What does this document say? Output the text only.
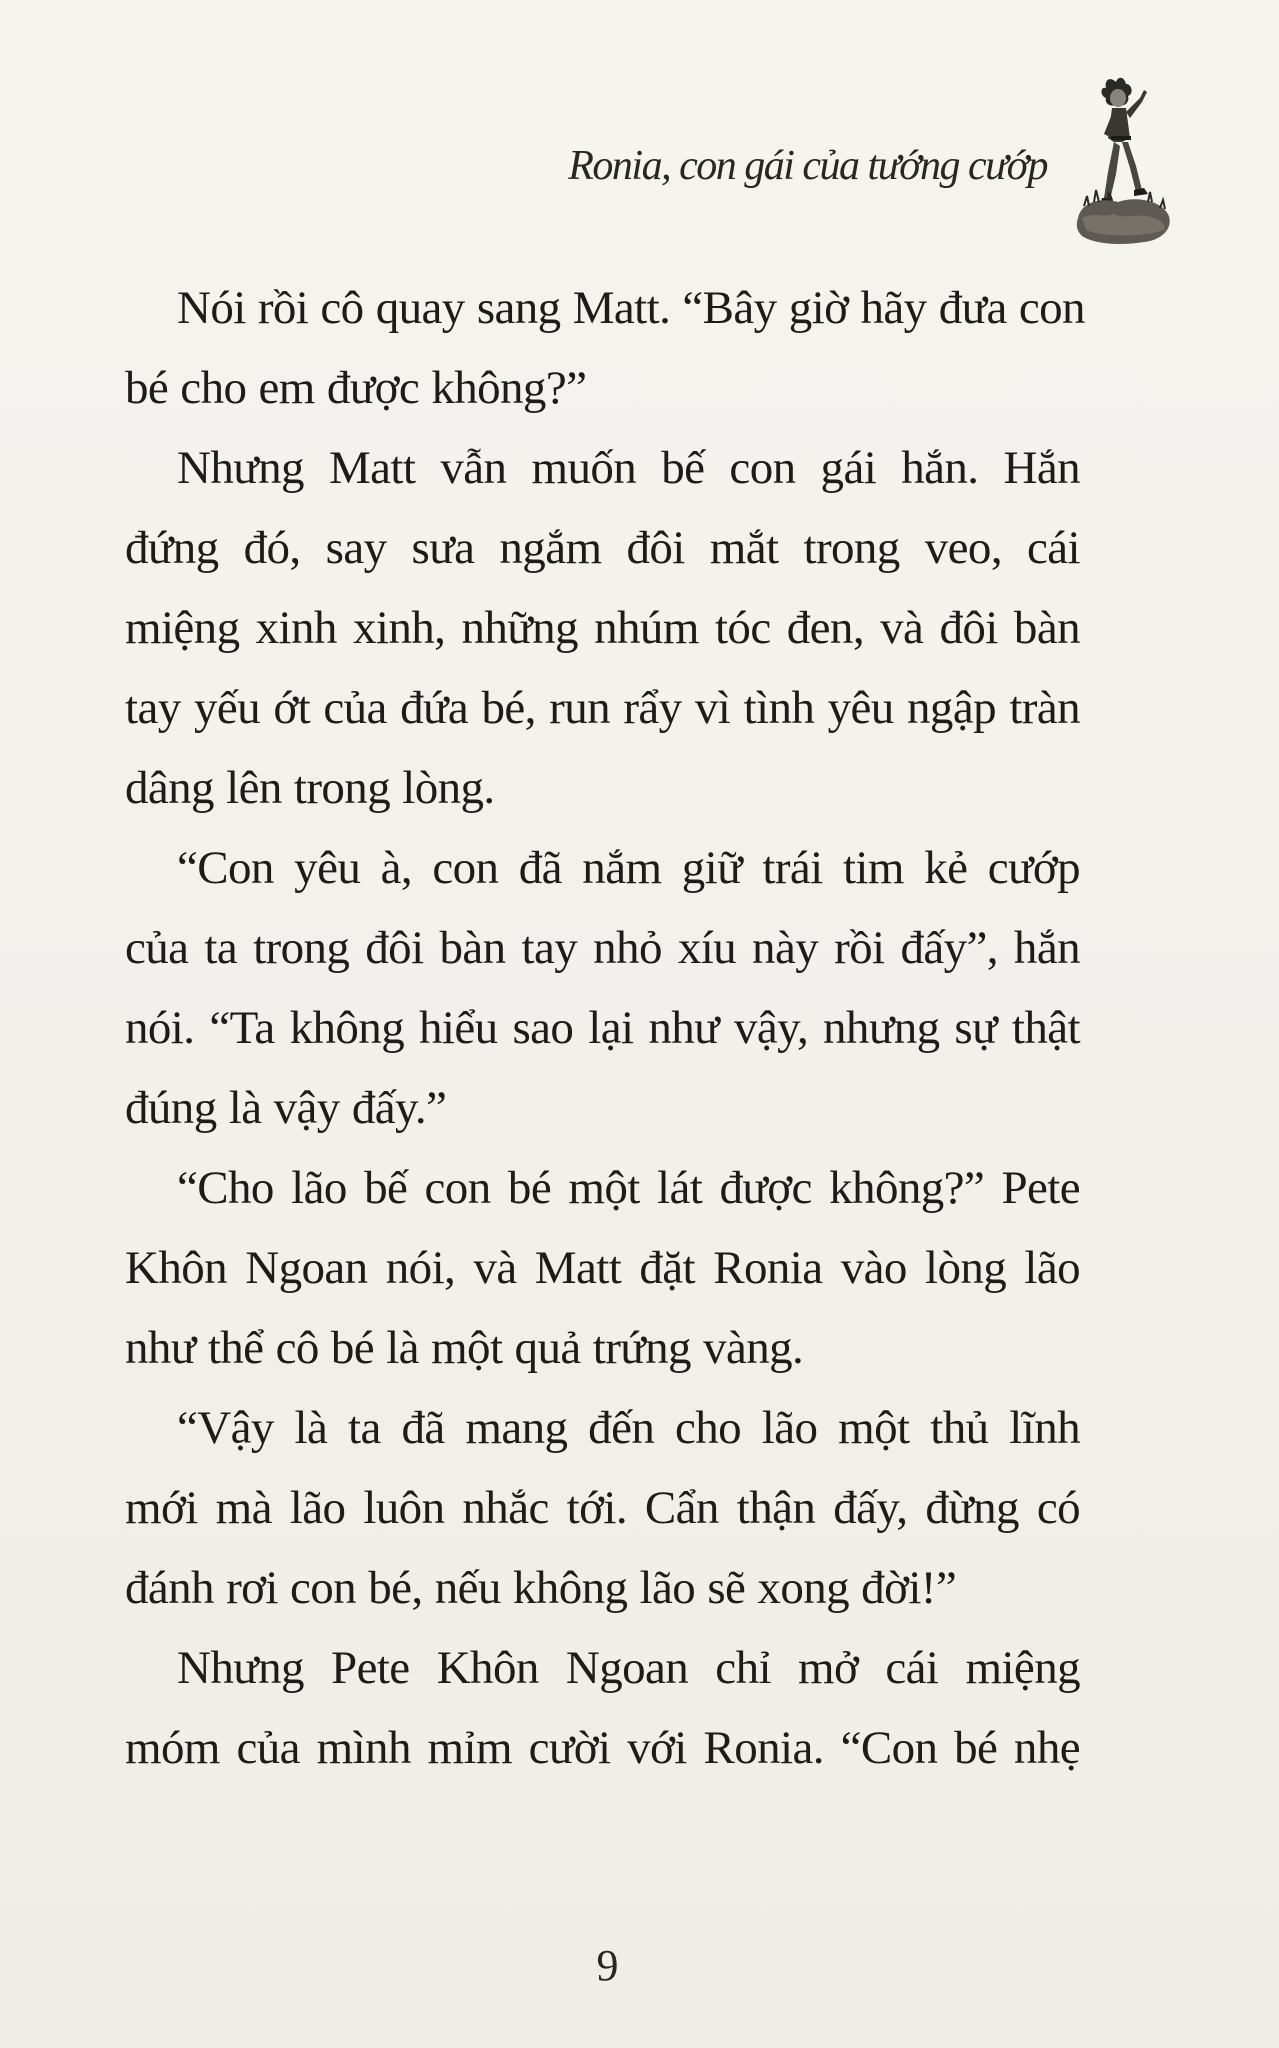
Ronia, con gái của tướng cướp

Nói rồi cô quay sang Matt. “Bây giờ hãy đưa con
bé cho em được không?”

Nhưng Matt vẫn muốn bế con gái hắn. Hắn
đứng đó, say sưa ngắm đôi mắt trong veo, cái
miệng xinh xinh, những nhúm tóc đen, và đôi bàn
tay yếu ớt của đứa bé, run rẩy vì tình yêu ngập tràn
dâng lên trong lòng.

“Con yêu à, con đã nắm giữ trái tim kẻ cướp
của ta trong đôi bàn tay nhỏ xíu này rồi đấy”, hắn
nói. “Ta không hiểu sao lại như vậy, nhưng sự thật
đúng là vậy đấy.”

“Cho lão bế con bé một lát được không?” Pete
Khôn Ngoan nói, và Matt đặt Ronia vào lòng lão
như thể cô bé là một quả trứng vàng.

“Vậy là ta đã mang đến cho lão một thủ lĩnh
mới mà lão luôn nhắc tới. Cẩn thận đấy, đừng có
đánh rơi con bé, nếu không lão sẽ xong đời!”

Nhưng Pete Khôn Ngoan chỉ mở cái miệng
móm của mình mỉm cười với Ronia. “Con bé nhẹ

9
